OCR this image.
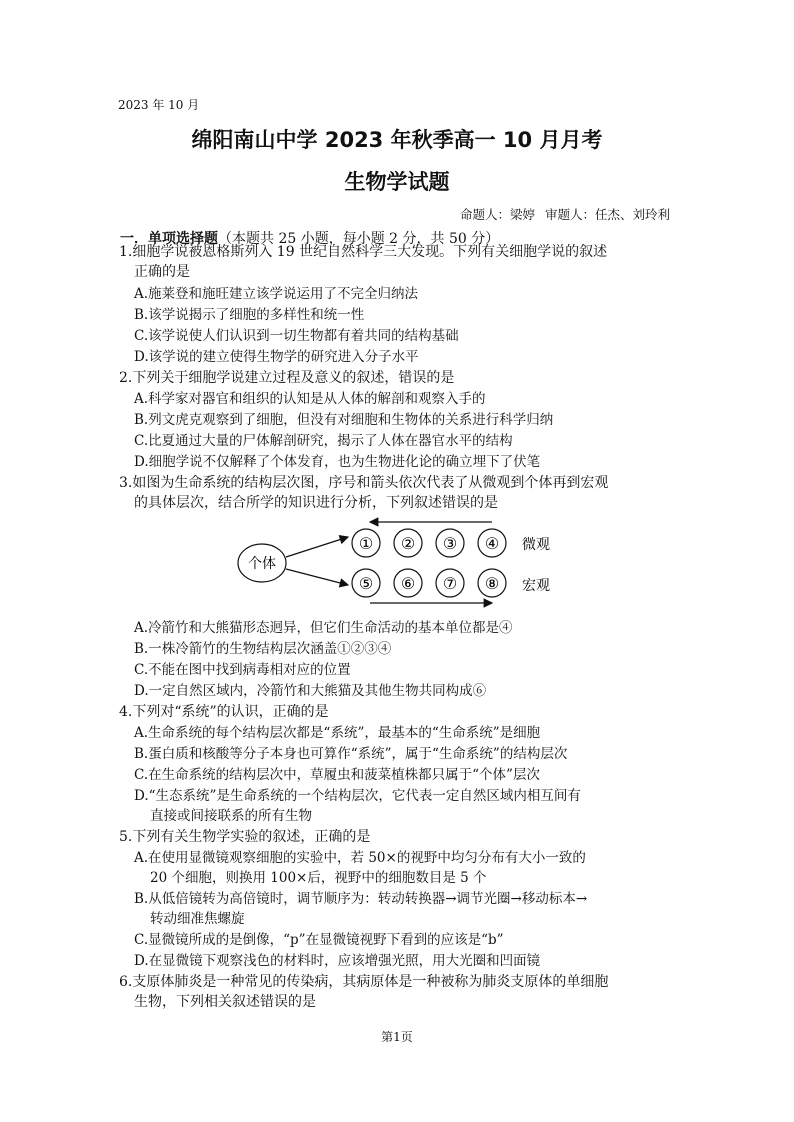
2023 年 10 月
绵阳南山中学 2023 年秋季高一 10 月月考
生物学试题
命题人：梁婷 审题人：任杰、刘玲利
一．单项选择题（本题共 25 小题，每小题 2 分，共 50 分）
1.细胞学说被恩格斯列入 19 世纪自然科学三大发现。下列有关细胞学说的叙述
正确的是
A.施莱登和施旺建立该学说运用了不完全归纳法
B.该学说揭示了细胞的多样性和统一性
C.该学说使人们认识到一切生物都有着共同的结构基础
D.该学说的建立使得生物学的研究进入分子水平
2.下列关于细胞学说建立过程及意义的叙述，错误的是
A.科学家对器官和组织的认知是从人体的解剖和观察入手的
B.列文虎克观察到了细胞，但没有对细胞和生物体的关系进行科学归纳
C.比夏通过大量的尸体解剖研究，揭示了人体在器官水平的结构
D.细胞学说不仅解释了个体发育，也为生物进化论的确立埋下了伏笔
3.如图为生命系统的结构层次图，序号和箭头依次代表了从微观到个体再到宏观
的具体层次，结合所学的知识进行分析，下列叙述错误的是
个体
① ② ③ ④
⑤ ⑥ ⑦ ⑧
微观
宏观
A.冷箭竹和大熊猫形态迥异，但它们生命活动的基本单位都是④
B.一株冷箭竹的生物结构层次涵盖①②③④
C.不能在图中找到病毒相对应的位置
D.一定自然区域内，冷箭竹和大熊猫及其他生物共同构成⑥
4.下列对“系统”的认识，正确的是
A.生命系统的每个结构层次都是“系统”，最基本的“生命系统”是细胞
B.蛋白质和核酸等分子本身也可算作“系统”，属于“生命系统”的结构层次
C.在生命系统的结构层次中，草履虫和菠菜植株都只属于“个体”层次
D.“生态系统”是生命系统的一个结构层次，它代表一定自然区域内相互间有
直接或间接联系的所有生物
5.下列有关生物学实验的叙述，正确的是
A.在使用显微镜观察细胞的实验中，若 50×的视野中均匀分布有大小一致的
20 个细胞，则换用 100×后，视野中的细胞数目是 5 个
B.从低倍镜转为高倍镜时，调节顺序为：转动转换器→调节光圈→移动标本→
转动细准焦螺旋
C.显微镜所成的是倒像，“p”在显微镜视野下看到的应该是“b”
D.在显微镜下观察浅色的材料时，应该增强光照，用大光圈和凹面镜
6.支原体肺炎是一种常见的传染病，其病原体是一种被称为肺炎支原体的单细胞
生物，下列相关叙述错误的是
第1页
